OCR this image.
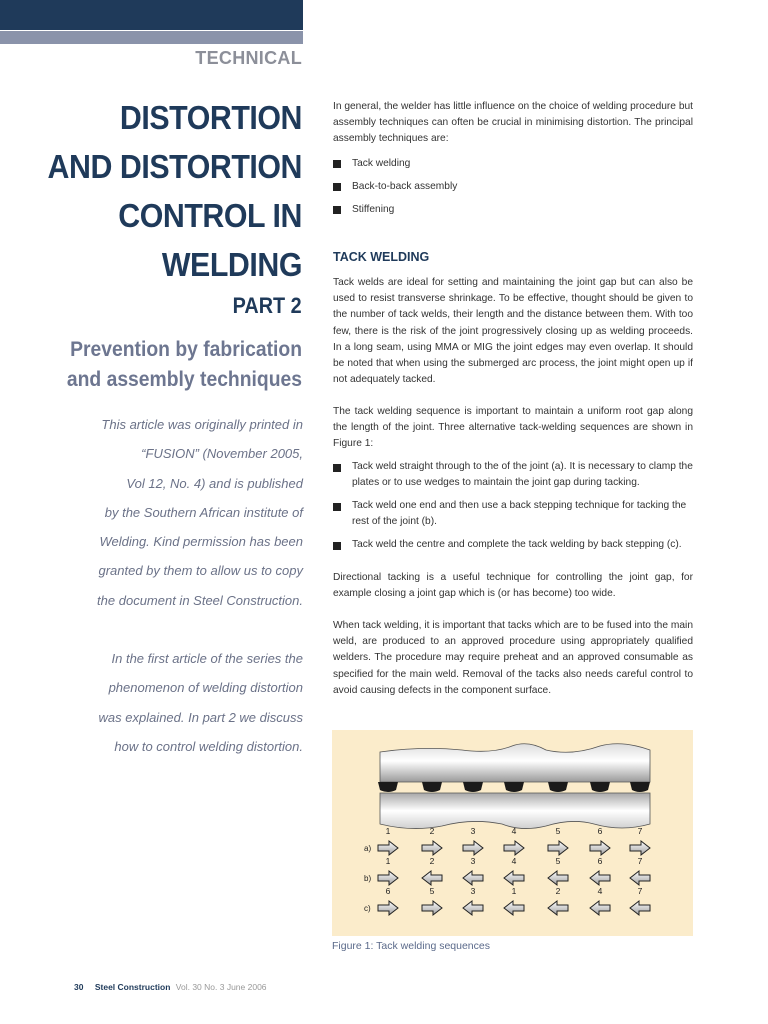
TECHNICAL
DISTORTION
AND DISTORTION
CONTROL IN
WELDING
PART 2
Prevention by fabrication
and assembly techniques

This article was originally printed in

“FUSION” (November 2005,

Vol 12, No. 4) and is published

by the Southern African institute of

Welding. Kind permission has been

granted by them to allow us to copy

the document in Steel Construction.

In the first article of the series the

phenomenon of welding distortion

was explained. In part 2 we discuss

how to control welding distortion.

In general, the welder has little influence on the choice of welding procedure but assembly techniques can often be crucial in minimising distortion. The principal assembly techniques are:

Tack welding
Back-to-back assembly
Stiffening
TACK WELDING

Tack welds are ideal for setting and maintaining the joint gap but can also be used to resist transverse shrinkage. To be effective, thought should be given to the number of tack welds, their length and the distance between them. With too few, there is the risk of the joint progressively closing up as welding proceeds. In a long seam, using MMA or MIG the joint edges may even overlap. It should be noted that when using the submerged arc process, the joint might open up if not adequately tacked.

The tack welding sequence is important to maintain a uniform root gap along the length of the joint. Three alternative tack-welding sequences are shown in Figure 1:

Tack weld straight through to the of the joint (a). It is necessary to clamp the plates or to use wedges to maintain the joint gap during tacking.
Tack weld one end and then use a back stepping technique for tacking the rest of the joint (b).
Tack weld the centre and complete the tack welding by back stepping (c).

Directional tacking is a useful technique for controlling the joint gap, for example closing a joint gap which is (or has become) too wide.

When tack welding, it is important that tacks which are to be fused into the main weld, are produced to an approved procedure using appropriately qualified welders. The procedure may require preheat and an approved consumable as specified for the main weld. Removal of the tacks also needs careful control to avoid causing defects in the component surface.

a)
1	2	3	4	5	6	7
b)
1	2	3	4	5	6	7
c)
6	5	3	1	2	4	7
Figure 1: Tack welding sequences
30 Steel Construction Vol. 30 No. 3 June 2006
